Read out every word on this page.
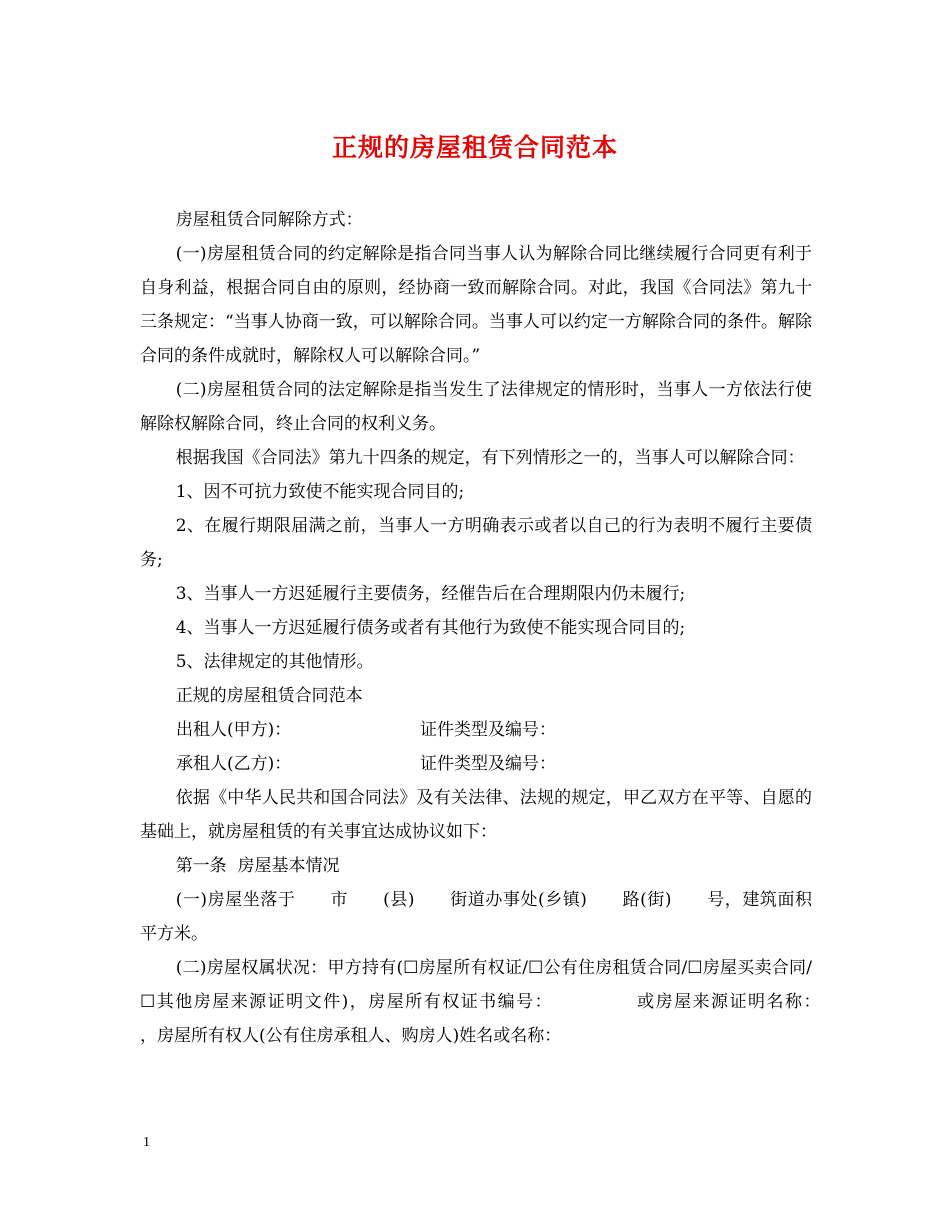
正规的房屋租赁合同范本

房屋租赁合同解除方式：

(一)房屋租赁合同的约定解除是指合同当事人认为解除合同比继续履行合同更有利于自身利益，根据合同自由的原则，经协商一致而解除合同。对此，我国《合同法》第九十三条规定：“当事人协商一致，可以解除合同。当事人可以约定一方解除合同的条件。解除合同的条件成就时，解除权人可以解除合同。”

(二)房屋租赁合同的法定解除是指当发生了法律规定的情形时，当事人一方依法行使解除权解除合同，终止合同的权利义务。

根据我国《合同法》第九十四条的规定，有下列情形之一的，当事人可以解除合同：

1、因不可抗力致使不能实现合同目的;

2、在履行期限届满之前，当事人一方明确表示或者以自己的行为表明不履行主要债务;

3、当事人一方迟延履行主要债务，经催告后在合理期限内仍未履行;

4、当事人一方迟延履行债务或者有其他行为致使不能实现合同目的;

5、法律规定的其他情形。

正规的房屋租赁合同范本

出租人(甲方)：	证件类型及编号：
承租人(乙方)：	证件类型及编号：

依据《中华人民共和国合同法》及有关法律、法规的规定，甲乙双方在平等、自愿的基础上，就房屋租赁的有关事宜达成协议如下：

第一条  房屋基本情况

(一)房屋坐落于　　市　　(县)　　街道办事处(乡镇)　　路(街)　　号，建筑面积　　平方米。

(二)房屋权属状况：甲方持有(☐房屋所有权证/☐公有住房租赁合同/☐房屋买卖合同/☐其他房屋来源证明文件)，房屋所有权证书编号：　　　　　或房屋来源证明名称：　　　　　，房屋所有权人(公有住房承租人、购房人)姓名或名称：

1
